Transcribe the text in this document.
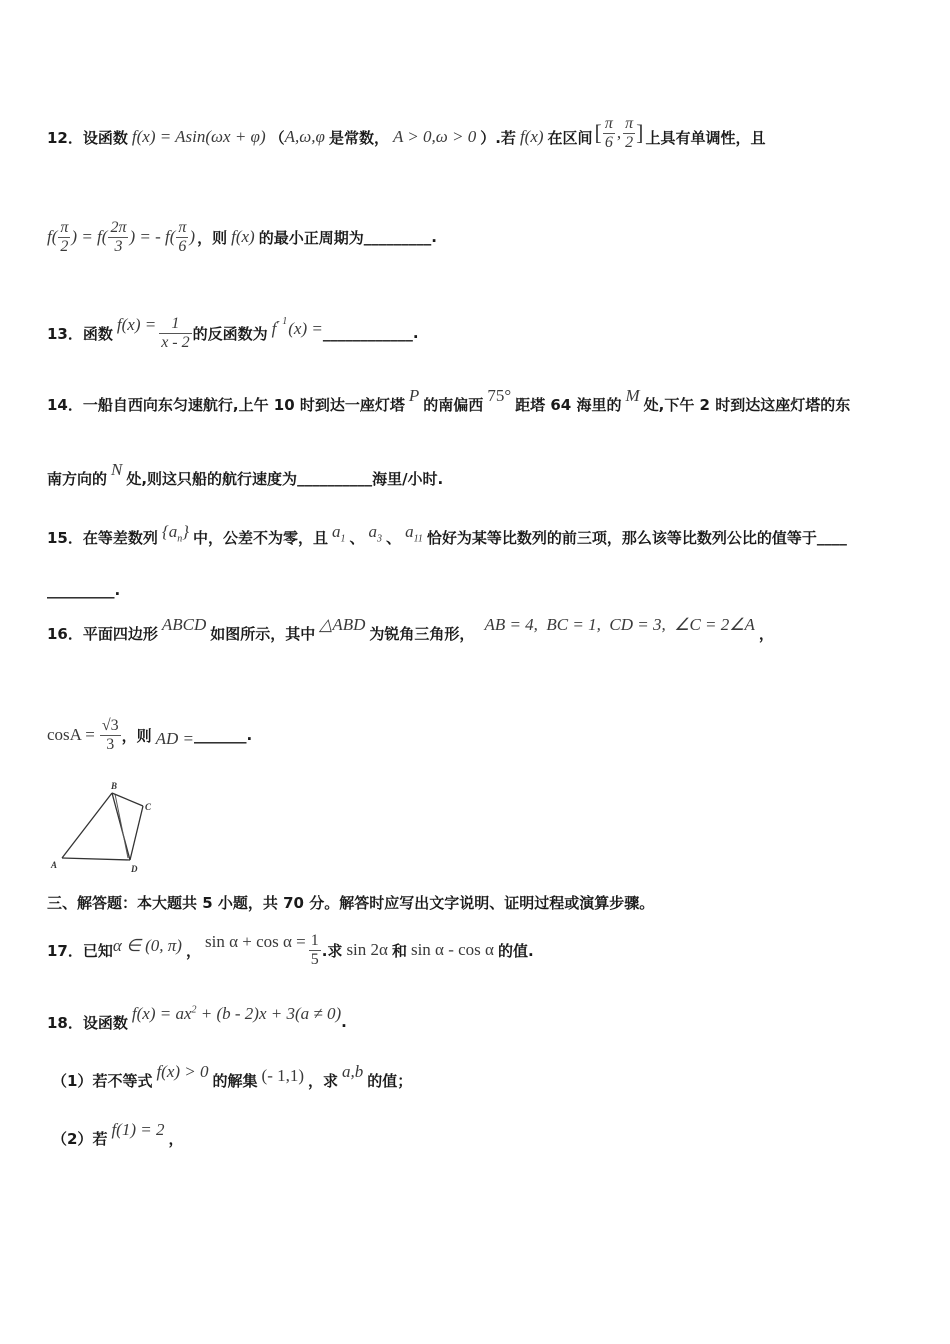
12． 设函数 f(x) = Asin(ωx + φ) （ A,ω,φ 是常数， A > 0,ω > 0 ）.若 f(x) 在区间 [ $\frac{\pi}{6}$ , $\frac{\pi}{2}$ ] 上具有单调性，且
$f( \frac{\pi}{2}$ ) = $f( \frac{2\pi}{3}$ ) = - $f( \frac{\pi}{6}$ ) ，则 f(x) 的最小正周期为 _________ .
13． 函数 $f(x) = \frac{1}{x - 2}$ 的反函数为 f - 1 (x) = ____________ .
14． 一船自西向东匀速航行,上午 10 时到达一座灯塔 P 的南偏西 75° 距塔 64 海里的 M 处,下午 2 时到达这座灯塔的东
南方向的 N 处,则这只船的航行速度为 __________ 海里/小时.
15． 在等差数列 $\{a_n\}$ 中，公差不为零，且 $a_1$ 、 $a_3$ 、 $a_{11}$ 恰好为某等比数列的前三项，那么该等比数列公比的值等于 ____
_________ .
16． 平面四边形 ABCD 如图所示，其中 △ABD 为锐角三角形， AB = 4,  BC = 1,  CD = 3,  ∠C = 2∠A ，
$\cos A = \frac{√3}{3}$ ，则 AD = _______ .
A
B
C
D
三、解答题：本大题共 5 小题，共 70 分。解答时应写出文字说明、证明过程或演算步骤。
17． 已知 α ∈ (0, π) ， $\sin \alpha + \cos \alpha = \frac{1}{5}$ .求 sin 2α 和 sin α - cos α 的值.
18． 设函数 $f(x) = ax^2 + (b - 2)x + 3(a \ne 0)$ .
（1） 若不等式 f(x) > 0 的解集 (- 1,1) ，求 a,b 的值；
（2） 若 f(1) = 2 ，
